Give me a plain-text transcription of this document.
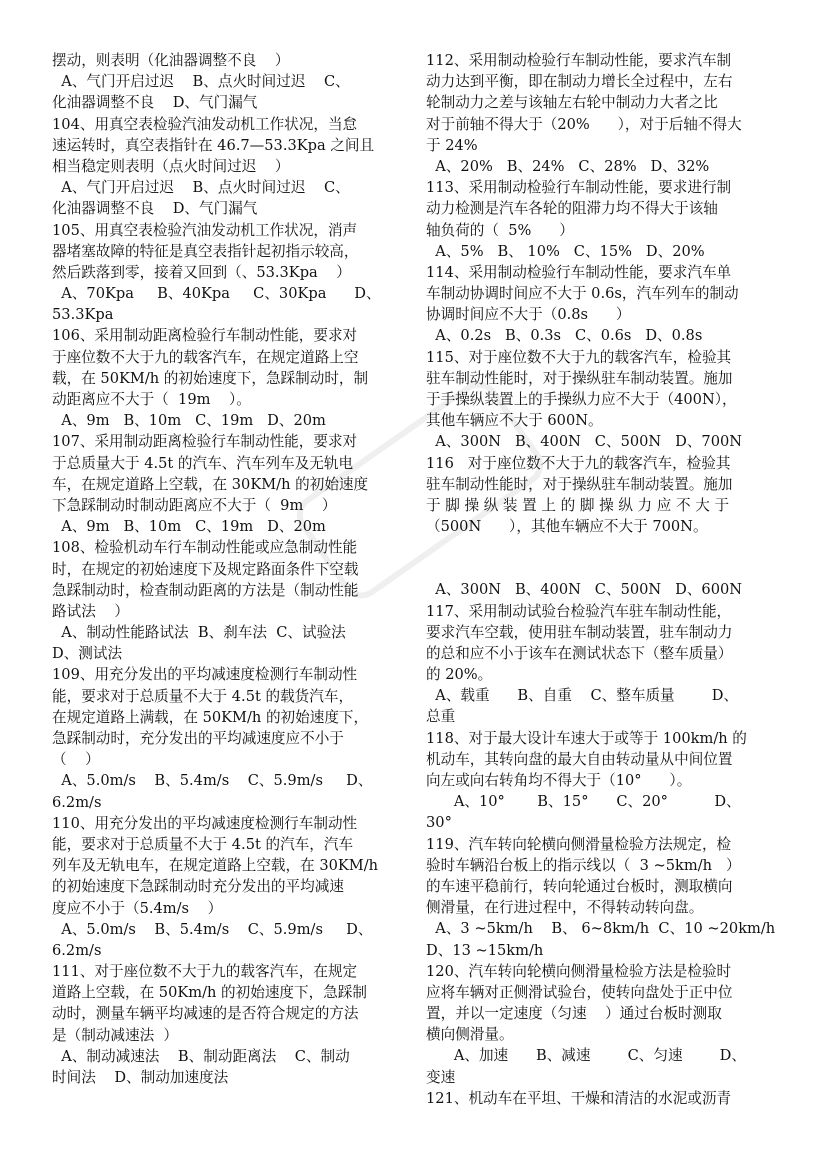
摆动，则表明（化油器调整不良    ）
A、气门开启过迟    B、点火时间过迟    C、
化油器调整不良    D、气门漏气
104、用真空表检验汽油发动机工作状况，当怠
速运转时，真空表指针在 46.7—53.3Kpa 之间且
相当稳定则表明（点火时间过迟    ）
A、气门开启过迟    B、点火时间过迟    C、
化油器调整不良    D、气门漏气
105、用真空表检验汽油发动机工作状况，消声
器堵塞故障的特征是真空表指针起初指示较高，
然后跌落到零，接着又回到（、53.3Kpa    ）
A、70Kpa     B、40Kpa     C、30Kpa      D、
53.3Kpa
106、采用制动距离检验行车制动性能，要求对
于座位数不大于九的载客汽车，在规定道路上空
载，在 50KM/h 的初始速度下，急踩制动时，制
动距离应不大于（  19m    ）。
A、9m   B、10m   C、19m   D、20m
107、采用制动距离检验行车制动性能，要求对
于总质量大于 4.5t 的汽车、汽车列车及无轨电
车，在规定道路上空载，在 30KM/h 的初始速度
下急踩制动时制动距离应不大于（  9m    ）
A、9m   B、10m   C、19m   D、20m
108、检验机动车行车制动性能或应急制动性能
时，在规定的初始速度下及规定路面条件下空载
急踩制动时，检查制动距离的方法是（制动性能
路试法    ）
A、制动性能路试法  B、刹车法  C、试验法
D、测试法
109、用充分发出的平均减速度检测行车制动性
能，要求对于总质量不大于 4.5t 的载货汽车，
在规定道路上满载，在 50KM/h 的初始速度下，
急踩制动时，充分发出的平均减速度应不小于
（    ）
A、5.0m/s    B、5.4m/s    C、5.9m/s     D、
6.2m/s
110、用充分发出的平均减速度检测行车制动性
能，要求对于总质量不大于 4.5t 的汽车，汽车
列车及无轨电车，在规定道路上空载，在 30KM/h
的初始速度下急踩制动时充分发出的平均减速
度应不小于（5.4m/s    ）
A、5.0m/s    B、5.4m/s    C、5.9m/s     D、
6.2m/s
111、对于座位数不大于九的载客汽车，在规定
道路上空载，在 50Km/h 的初始速度下，急踩制
动时，测量车辆平均减速的是否符合规定的方法
是（制动减速法  ）
A、制动减速法    B、制动距离法    C、制动
时间法    D、制动加速度法
112、采用制动检验行车制动性能，要求汽车制
动力达到平衡，即在制动力增长全过程中，左右
轮制动力之差与该轴左右轮中制动力大者之比
对于前轴不得大于（20%      ），对于后轴不得大
于 24%
A、20%   B、24%   C、28%   D、32%
113、采用制动检验行车制动性能，要求进行制
动力检测是汽车各轮的阻滞力均不得大于该轴
轴负荷的（  5%      ）
A、5%   B、 10%   C、15%   D、20%
114、采用制动检验行车制动性能，要求汽车单
车制动协调时间应不大于 0.6s，汽车列车的制动
协调时间应不大于（0.8s      ）
A、0.2s   B、0.3s   C、0.6s   D、0.8s
115、对于座位数不大于九的载客汽车，检验其
驻车制动性能时，对于操纵驻车制动装置。施加
于手操纵装置上的手操纵力应不大于（400N），
其他车辆应不大于 600N。
A、300N   B、400N   C、500N   D、700N
116   对于座位数不大于九的载客汽车，检验其
驻车制动性能时，对于操纵驻车制动装置。施加
于 脚 操 纵 装 置 上 的 脚 操 纵 力 应 不 大 于
（500N      ），其他车辆应不大于 700N。
A、300N   B、400N   C、500N   D、600N
117、采用制动试验台检验汽车驻车制动性能，
要求汽车空载，使用驻车制动装置，驻车制动力
的总和应不小于该车在测试状态下（整车质量）
的 20%。
A、载重      B、自重    C、整车质量        D、
总重
118、对于最大设计车速大于或等于 100km/h 的
机动车，其转向盘的最大自由转动量从中间位置
向左或向右转角均不得大于（10°      ）。
A、10°       B、15°      C、20°          D、
30°
119、汽车转向轮横向侧滑量检验方法规定，检
验时车辆沿台板上的指示线以（  3 ~5km/h   ）
的车速平稳前行，转向轮通过台板时，测取横向
侧滑量，在行进过程中，不得转动转向盘。
A、3 ~5km/h    B、 6~8km/h  C、10 ~20km/h
D、13 ~15km/h
120、汽车转向轮横向侧滑量检验方法是检验时
应将车辆对正侧滑试验台，使转向盘处于正中位
置，并以一定速度（匀速    ）通过台板时测取
横向侧滑量。
A、加速      B、减速        C、匀速        D、
变速
121、机动车在平坦、干燥和清洁的水泥或沥青
